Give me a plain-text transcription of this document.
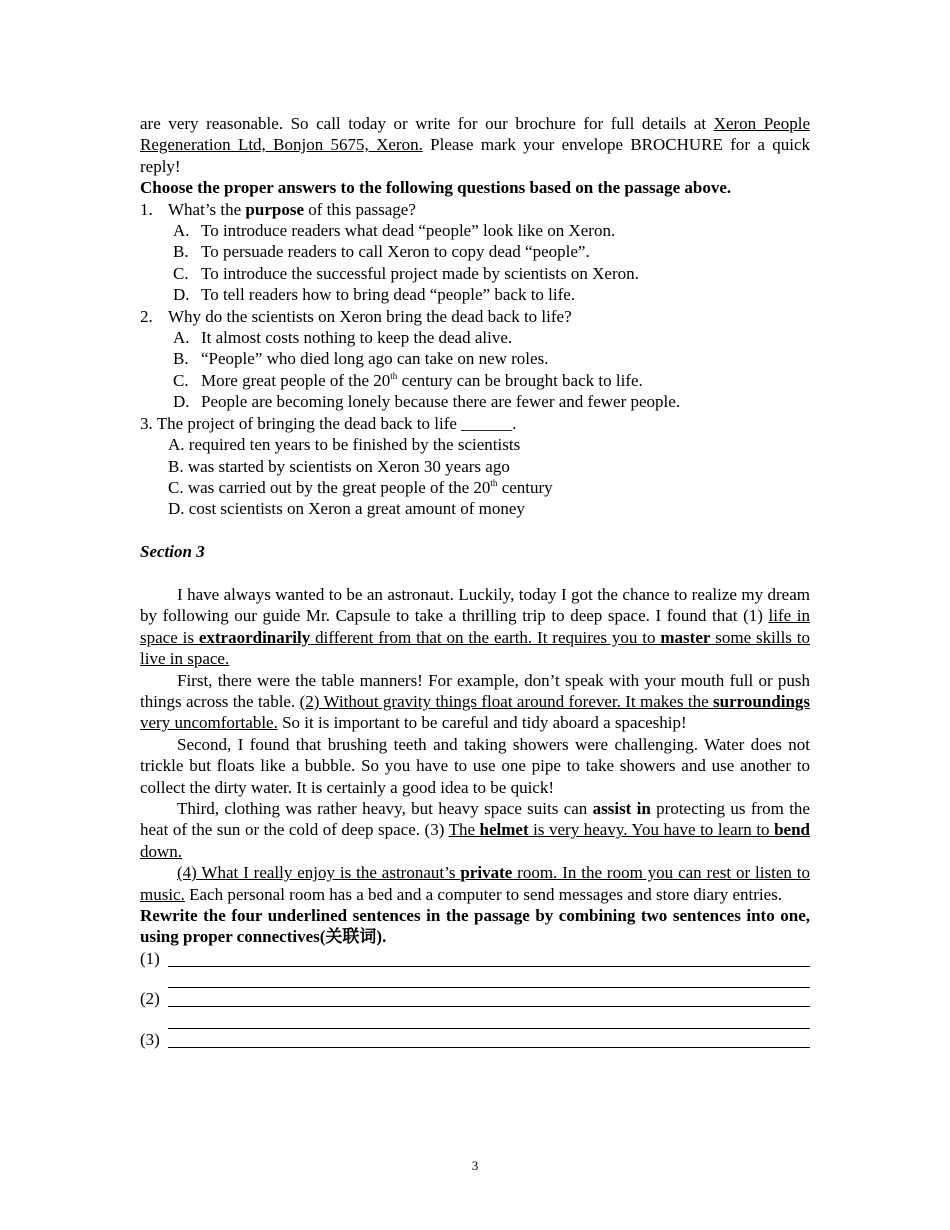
are very reasonable. So call today or write for our brochure for full details at Xeron People Regeneration Ltd, Bonjon 5675, Xeron. Please mark your envelope BROCHURE for a quick reply!

Choose the proper answers to the following questions based on the passage above.

1. What’s the purpose of this passage?
A. To introduce readers what dead “people” look like on Xeron.
B. To persuade readers to call Xeron to copy dead “people”.
C. To introduce the successful project made by scientists on Xeron.
D. To tell readers how to bring dead “people” back to life.
2. Why do the scientists on Xeron bring the dead back to life?
A. It almost costs nothing to keep the dead alive.
B. “People” who died long ago can take on new roles.
C. More great people of the 20th century can be brought back to life.
D. People are becoming lonely because there are fewer and fewer people.

3. The project of bringing the dead back to life ______.

A. required ten years to be finished by the scientists
B. was started by scientists on Xeron 30 years ago
C. was carried out by the great people of the 20th century
D. cost scientists on Xeron a great amount of money

Section 3

I have always wanted to be an astronaut. Luckily, today I got the chance to realize my dream by following our guide Mr. Capsule to take a thrilling trip to deep space. I found that (1) life in space is extraordinarily different from that on the earth. It requires you to master some skills to live in space.

First, there were the table manners! For example, don’t speak with your mouth full or push things across the table. (2) Without gravity things float around forever. It makes the surroundings very uncomfortable. So it is important to be careful and tidy aboard a spaceship!

Second, I found that brushing teeth and taking showers were challenging. Water does not trickle but floats like a bubble. So you have to use one pipe to take showers and use another to collect the dirty water. It is certainly a good idea to be quick!

Third, clothing was rather heavy, but heavy space suits can assist in protecting us from the heat of the sun or the cold of deep space. (3) The helmet is very heavy. You have to learn to bend down.

(4) What I really enjoy is the astronaut’s private room. In the room you can rest or listen to music. Each personal room has a bed and a computer to send messages and store diary entries.

Rewrite the four underlined sentences in the passage by combining two sentences into one, using proper connectives(关联词).

(1)
(2)
(3)
3
